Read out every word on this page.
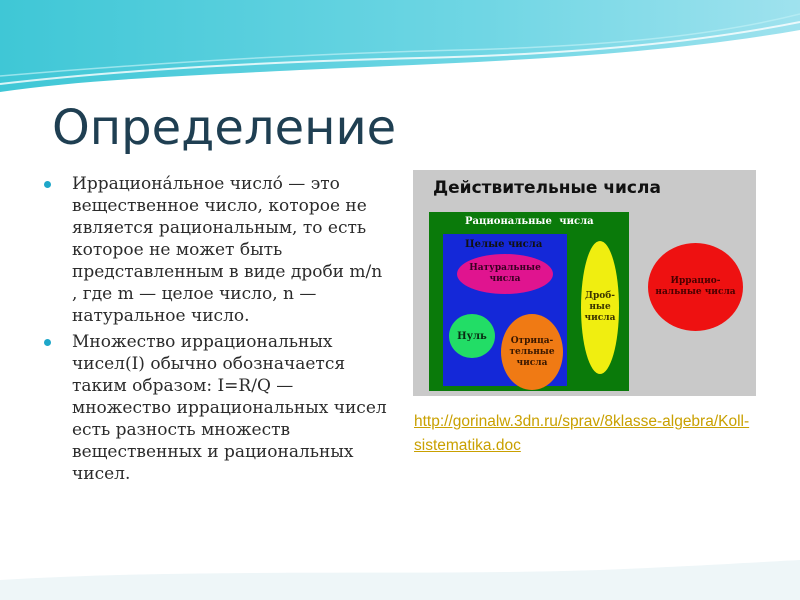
Определение
Иррациона́льное число́ — это вещественное число, которое не является рациональным, то есть которое не может быть представленным в виде дроби m/n , где m — целое число, n — натуральное число.
Множество иррациональных чисел(I) обычно обозначается таким образом: I=R/Q — множество иррациональных чисел есть разность множеств вещественных и рациональных чисел.
Действительные числа
Рациональные числа
Целые числа
Натуральные числа
Нуль	Отрица-тельные числа
Дроб-ные числа
Иррацио-нальные числа
http://gorinalw.3dn.ru/sprav/8klasse-algebra/Koll-sistematika.doc
